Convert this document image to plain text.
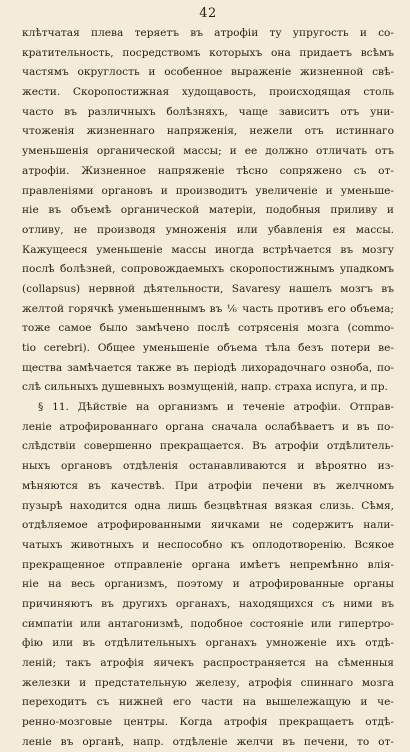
42
клѣтчатая плева теряетъ въ атрофіи ту упругость и со-
кратительность, посредствомъ которыхъ она придаетъ всѣмъ
частямъ округлость и особенное выраженіе жизненной свѣ-
жести. Скоропостижная худощавость, происходящая столь
часто въ различныхъ болѣзняхъ, чаще зависитъ отъ уни-
чтоженія жизненнаго напряженія, нежели отъ истиннаго
уменьшенія органической массы; и ее должно отличать отъ
атрофіи. Жизненное напряженіе тѣсно сопряжено съ от-
правленіями органовъ и производитъ увеличеніе и уменьше-
ніе въ объемѣ органической матеріи, подобныя приливу и
отливу, не производя умноженія или убавленія ея массы.
Кажущееся уменьшеніе массы иногда встрѣчается въ мозгу
послѣ болѣзней, сопровождаемыхъ скоропостижнымъ упадкомъ
(collapsus) нервной дѣятельности, Savaresy нашелъ мозгъ въ
желтой горячкѣ уменьшеннымъ въ ⅙ часть противъ его объема;
тоже самое было замѣчено послѣ сотрясенія мозга (commo-
tio cerebri). Общее уменьшеніе объема тѣла безъ потери ве-
щества замѣчается также въ періодѣ лихорадочнаго озноба, по-
слѣ сильныхъ душевныхъ возмущеній, напр. страха испуга, и пр.
§ 11. Дѣйствіе на организмъ и теченіе атрофіи. Отправ-
леніе атрофированнаго органа сначала ослабѣваетъ и въ по-
слѣдствіи совершенно прекращается. Въ атрофіи отдѣлитель-
ныхъ органовъ отдѣленія останавливаются и вѣроятно из-
мѣняются въ качествѣ. При атрофіи печени въ желчномъ
пузырѣ находится одна лишь безцвѣтная вязкая слизь. Сѣмя,
отдѣляемое атрофированными яичками не содержитъ нали-
чатыхъ животныхъ и неспособно къ оплодотворенію. Всякое
прекращенное отправленіе органа имѣетъ непремѣнно влія-
ніе на весь организмъ, поэтому и атрофированные органы
причиняютъ въ другихъ органахъ, находящихся съ ними въ
симпатіи или антагонизмѣ, подобное состояніе или гипертро-
фію или въ отдѣлительныхъ органахъ умноженіе ихъ отдѣ-
леній; такъ атрофія яичекъ распространяется на сѣменныя
железки и предстательную железу, атрофія спиннаго мозга
переходитъ съ нижней его части на вышележащую и че-
ренно-мозговые центры. Когда атрофія прекращаетъ отдѣ-
леніе въ органѣ, напр. отдѣленіе желчи въ печени, то от-
